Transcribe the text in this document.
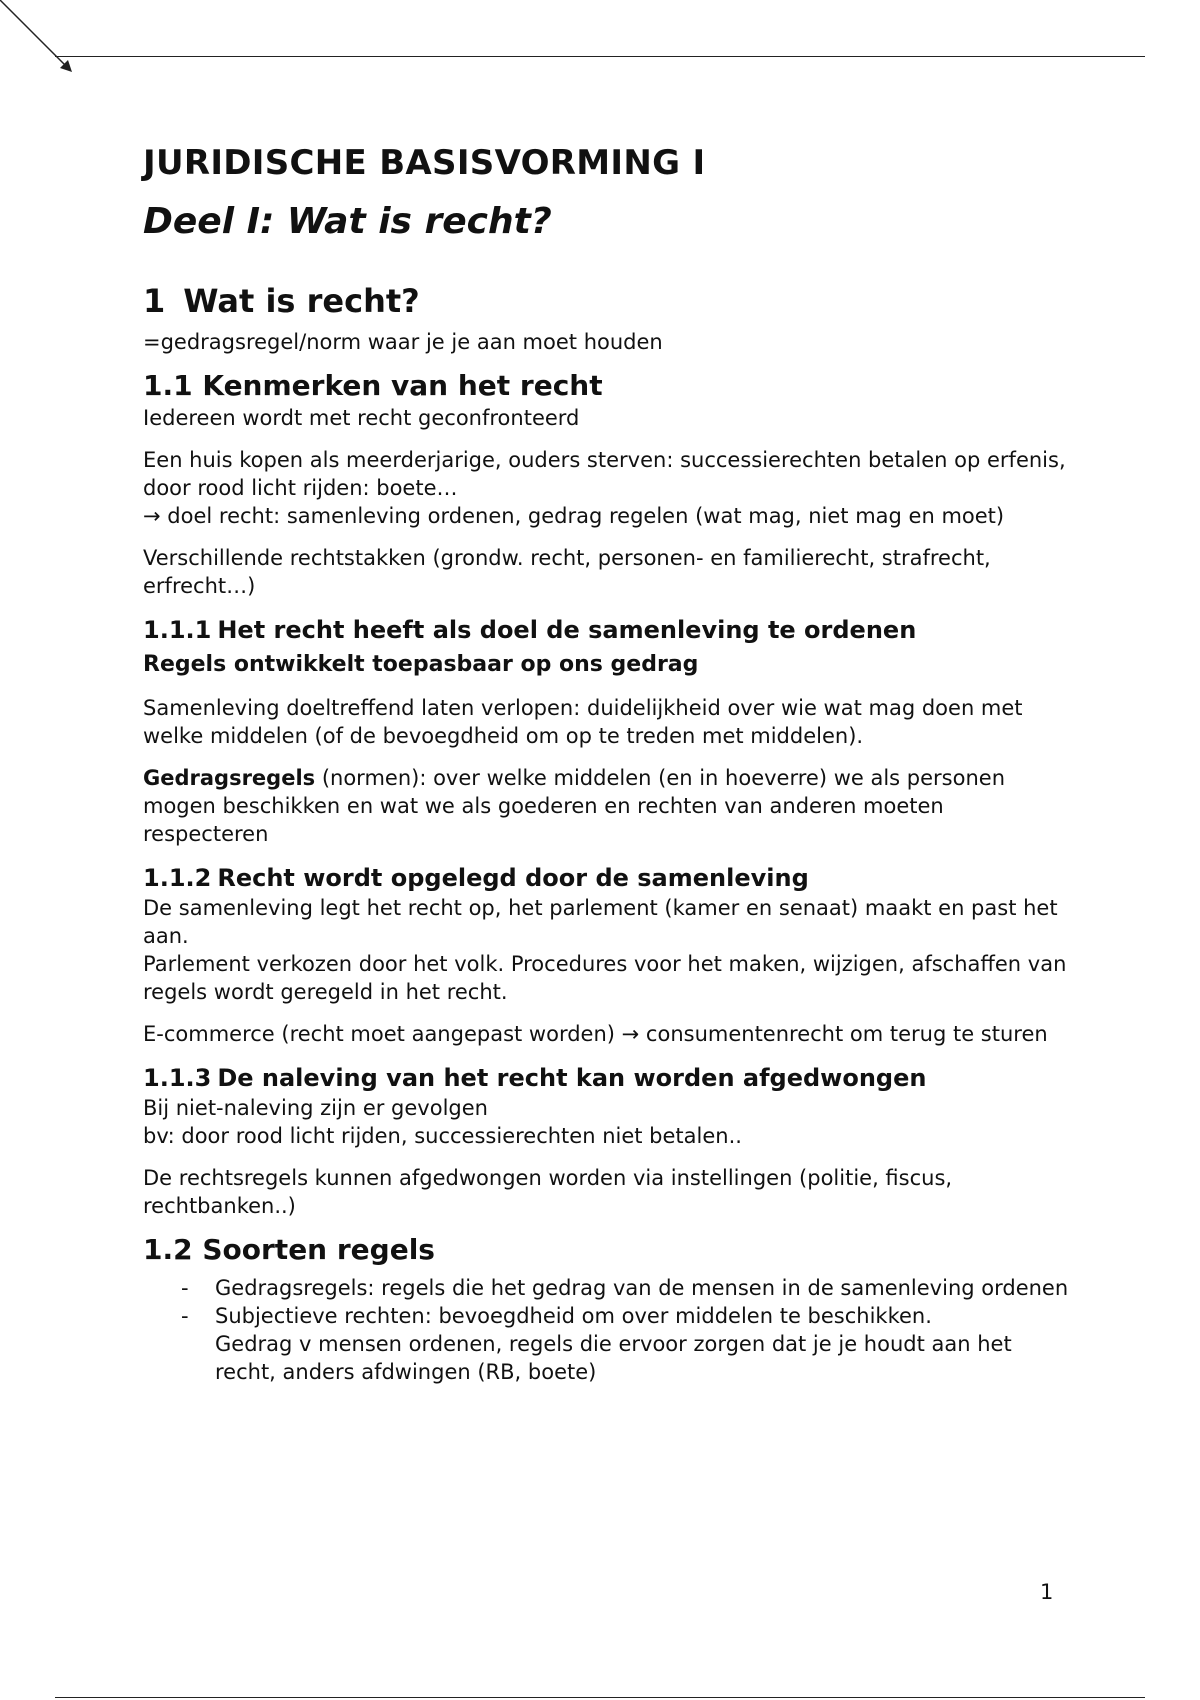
JURIDISCHE BASISVORMING I
Deel I: Wat is recht?
1 Wat is recht?

=gedragsregel/norm waar je je aan moet houden

1.1 Kenmerken van het recht

Iedereen wordt met recht geconfronteerd

Een huis kopen als meerderjarige, ouders sterven: successierechten betalen op erfenis,
door rood licht rijden: boete…
→ doel recht: samenleving ordenen, gedrag regelen (wat mag, niet mag en moet)

Verschillende rechtstakken (grondw. recht, personen- en familierecht, strafrecht, erfrecht…)

1.1.1 Het recht heeft als doel de samenleving te ordenen
Regels ontwikkelt toepasbaar op ons gedrag

Samenleving doeltreffend laten verlopen: duidelijkheid over wie wat mag doen met welke middelen (of de bevoegdheid om op te treden met middelen).

Gedragsregels (normen): over welke middelen (en in hoeverre) we als personen mogen beschikken en wat we als goederen en rechten van anderen moeten respecteren

1.1.2 Recht wordt opgelegd door de samenleving

De samenleving legt het recht op, het parlement (kamer en senaat) maakt en past het aan.
Parlement verkozen door het volk. Procedures voor het maken, wijzigen, afschaffen van regels wordt geregeld in het recht.

E-commerce (recht moet aangepast worden) → consumentenrecht om terug te sturen

1.1.3 De naleving van het recht kan worden afgedwongen

Bij niet-naleving zijn er gevolgen
bv: door rood licht rijden, successierechten niet betalen..

De rechtsregels kunnen afgedwongen worden via instellingen (politie, fiscus, rechtbanken..)

1.2 Soorten regels
- Gedragsregels: regels die het gedrag van de mensen in de samenleving ordenen
- Subjectieve rechten: bevoegdheid om over middelen te beschikken.
Gedrag v mensen ordenen, regels die ervoor zorgen dat je je houdt aan het recht, anders afdwingen (RB, boete)
1
